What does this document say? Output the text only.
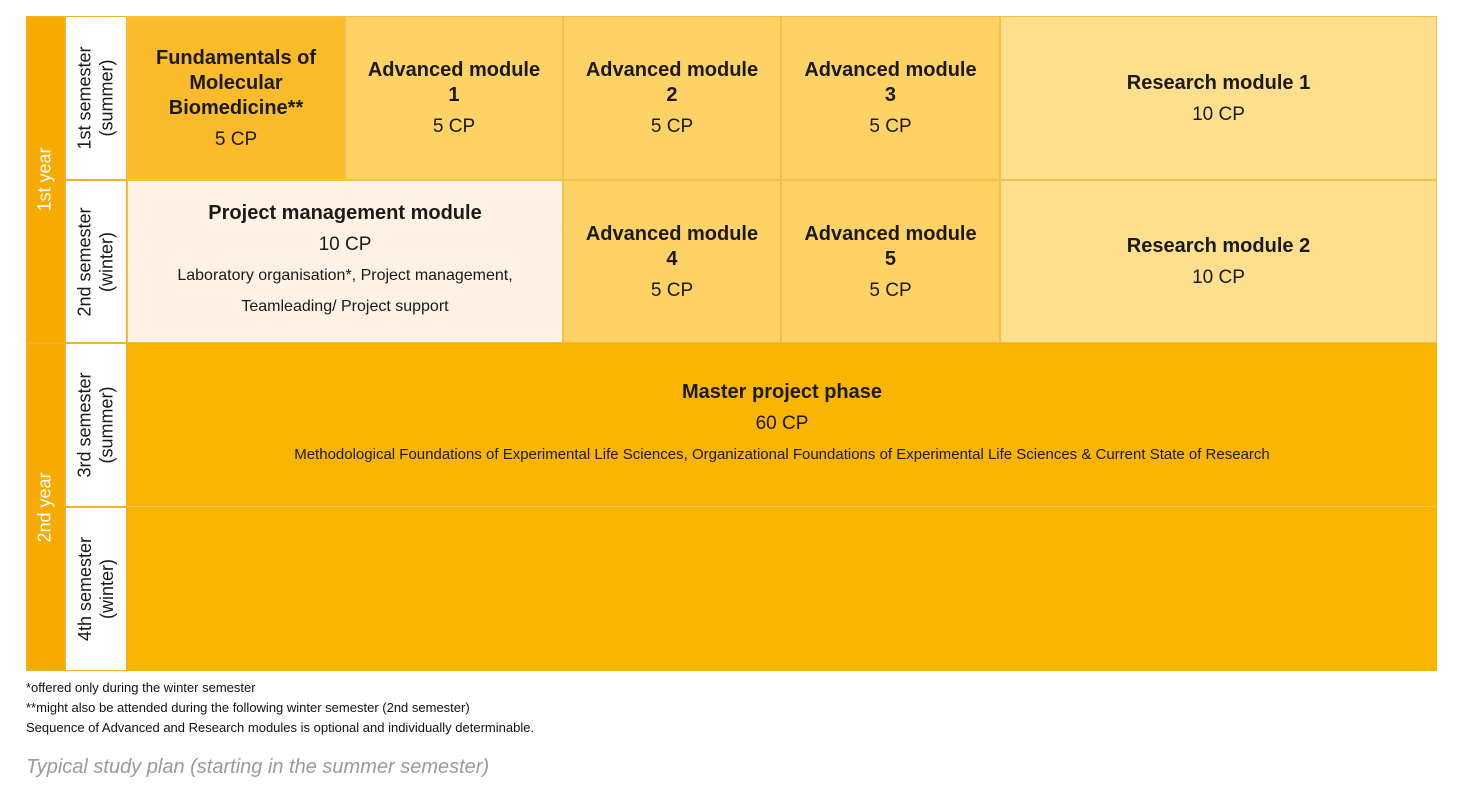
1st year
2nd year
1st semester (summer)
2nd semester (winter)
3rd semester (summer)
4th semester (winter)
Fundamentals of
Molecular
Biomedicine**
5 CP
Advanced module
1
5 CP
Advanced module
2
5 CP
Advanced module
3
5 CP
Research module 1
10 CP
Project management module
10 CP
Laboratory organisation*, Project management,
Teamleading/ Project support
Advanced module
4
5 CP
Advanced module
5
5 CP
Research module 2
10 CP
Master project phase
60 CP
Methodological Foundations of Experimental Life Sciences, Organizational Foundations of Experimental Life Sciences & Current State of Research
*offered only during the winter semester
**might also be attended during the following winter semester (2nd semester)
Sequence of Advanced and Research modules is optional and individually determinable.
Typical study plan (starting in the summer semester)
